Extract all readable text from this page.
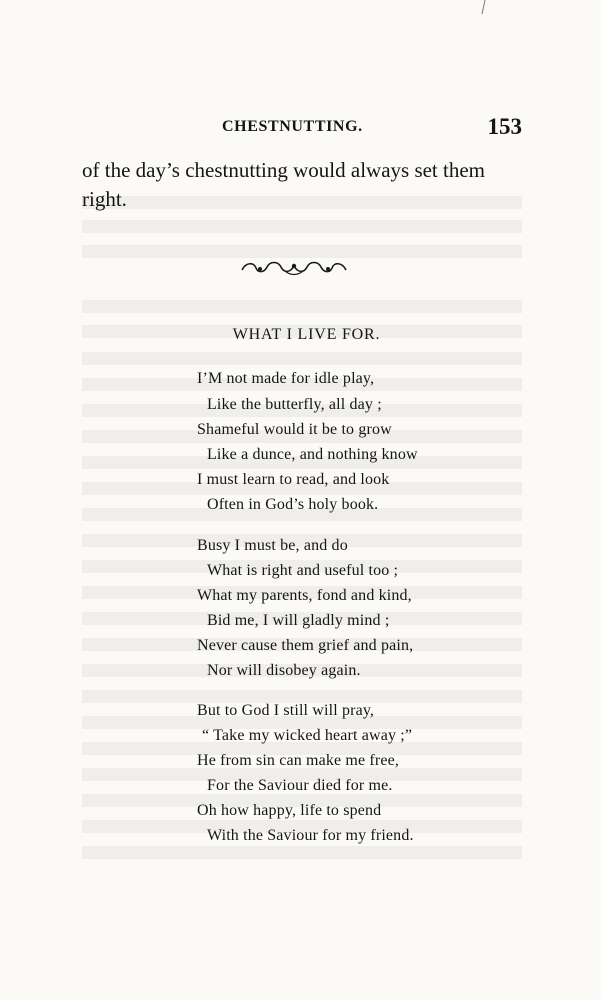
CHESTNUTTING.	153

of the day’s chestnutting would always set them right.

WHAT I LIVE FOR.
I’M not made for idle play,
Like the butterfly, all day ;
Shameful would it be to grow
Like a dunce, and nothing know
I must learn to read, and look
Often in God’s holy book.
Busy I must be, and do
What is right and useful too ;
What my parents, fond and kind,
Bid me, I will gladly mind ;
Never cause them grief and pain,
Nor will disobey again.
But to God I still will pray,
“ Take my wicked heart away ;”
He from sin can make me free,
For the Saviour died for me.
Oh how happy, life to spend
With the Saviour for my friend.
